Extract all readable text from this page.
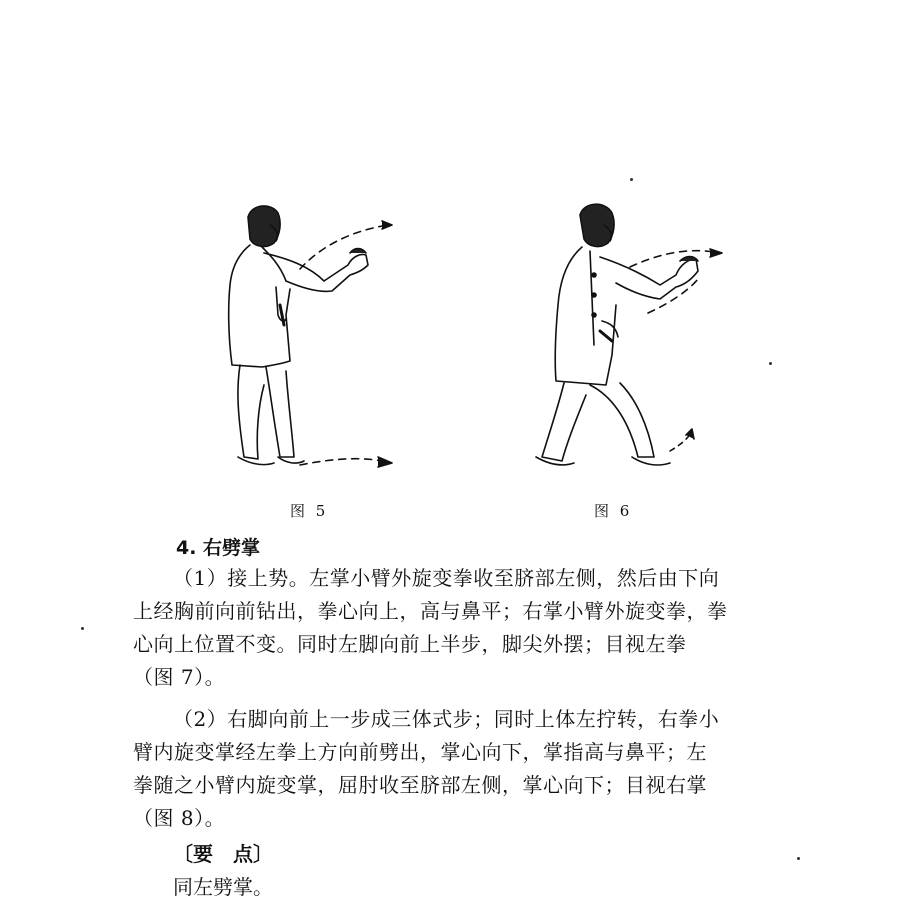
图 5	图 6
4. 右劈掌
（1）接上势。左掌小臂外旋变拳收至脐部左侧，然后由下向
上经胸前向前钻出，拳心向上，高与鼻平；右掌小臂外旋变拳，拳
心向上位置不变。同时左脚向前上半步，脚尖外摆；目视左拳
（图 7）。
（2）右脚向前上一步成三体式步；同时上体左拧转，右拳小
臂内旋变掌经左拳上方向前劈出，掌心向下，掌指高与鼻平；左
拳随之小臂内旋变掌，屈肘收至脐部左侧，掌心向下；目视右掌
（图 8）。
〔要　点〕
同左劈掌。
